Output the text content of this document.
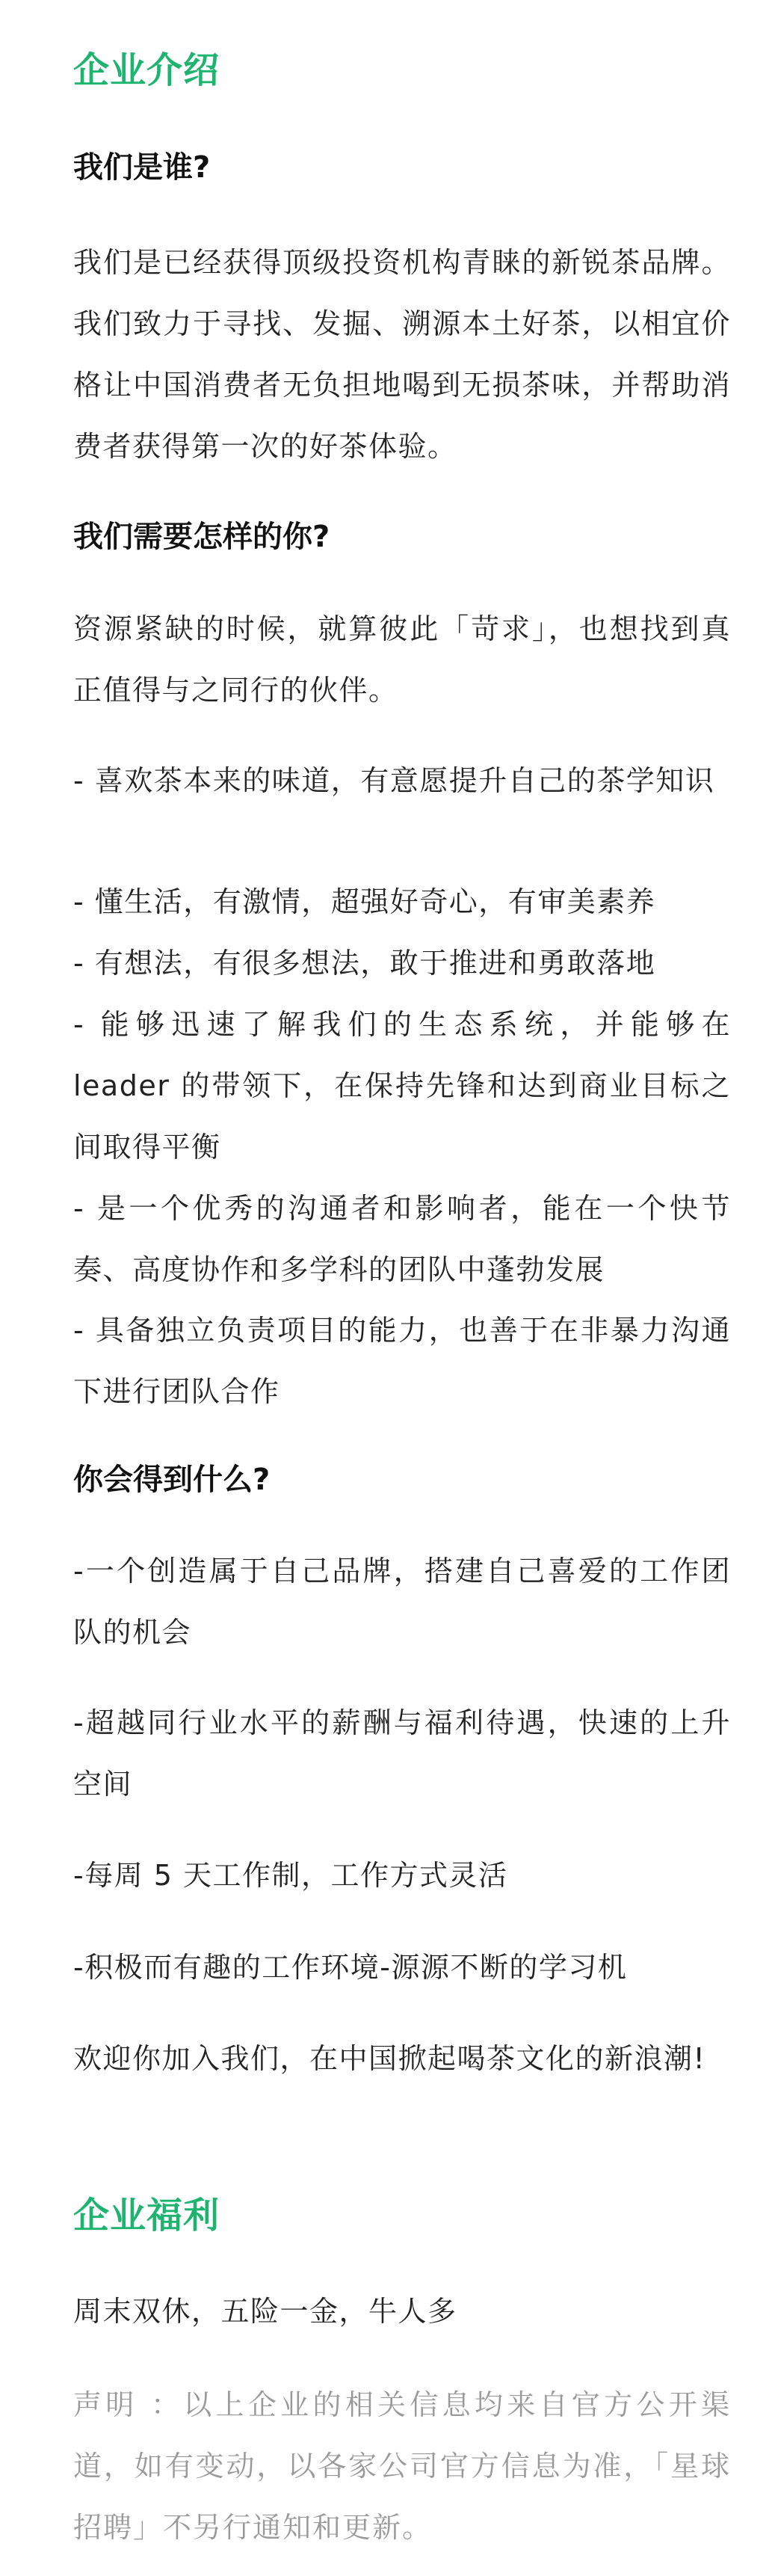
企业介绍
我们是谁?

我们是已经获得顶级投资机构青睐的新锐茶品牌。我们致力于寻找、发掘、溯源本土好茶，以相宜价格让中国消费者无负担地喝到无损茶味，并帮助消费者获得第一次的好茶体验。

我们需要怎样的你?

资源紧缺的时候，就算彼此「苛求」，也想找到真正值得与之同行的伙伴。

- 喜欢茶本来的味道，有意愿提升自己的茶学知识

- 懂生活，有激情，超强好奇心，有审美素养

- 有想法，有很多想法，敢于推进和勇敢落地

- 能够迅速了解我们的生态系统，并能够在 leader 的带领下，在保持先锋和达到商业目标之间取得平衡

- 是一个优秀的沟通者和影响者，能在一个快节奏、高度协作和多学科的团队中蓬勃发展

- 具备独立负责项目的能力，也善于在非暴力沟通下进行团队合作

你会得到什么?

-一个创造属于自己品牌，搭建自己喜爱的工作团队的机会

-超越同行业水平的薪酬与福利待遇，快速的上升空间

-每周 5 天工作制，工作方式灵活

-积极而有趣的工作环境-源源不断的学习机

欢迎你加入我们，在中国掀起喝茶文化的新浪潮!

企业福利

周末双休，五险一金，牛人多

声明 ：以上企业的相关信息均来自官方公开渠道，如有变动，以各家公司官方信息为准，「星球招聘」不另行通知和更新。
